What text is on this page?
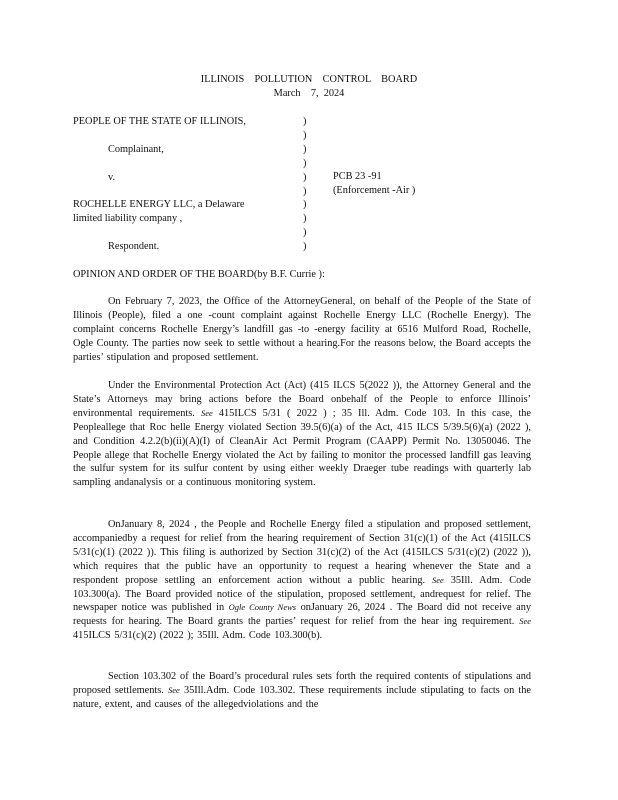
ILLINOIS    POLLUTION    CONTROL    BOARD
March    7,  2024
PEOPLE OF THE STATE OF ILLINOIS,

Complainant,

v.

ROCHELLE ENERGY LLC, a Delaware
limited liability company ,

Respondent.
)
)
)
)
)
)
)
)
)
)
PCB 23 -91
(Enforcement -Air )
OPINION AND ORDER OF THE BOARD(by B.F. Currie ):
On February 7, 2023, the Office of the AttorneyGeneral, on behalf of the People of the State of Illinois (People), filed a one -count complaint against Rochelle Energy LLC (Rochelle Energy). The complaint concerns Rochelle Energy’s landfill gas -to -energy facility at 6516 Mulford Road, Rochelle, Ogle County. The parties now seek to settle without a hearing.For the reasons below, the Board accepts the parties’ stipulation and proposed settlement.
Under the Environmental Protection Act (Act) (415 ILCS 5(2022 )), the Attorney General and the State’s Attorneys may bring actions before the Board onbehalf of the People to enforce Illinois’ environmental requirements. See 415ILCS 5/31 ( 2022 ) ; 35 Ill. Adm. Code 103. In this case, the Peopleallege that Roc helle Energy violated Section 39.5(6)(a) of the Act, 415 ILCS 5/39.5(6)(a) (2022 ), and Condition 4.2.2(b)(ii)(A)(I) of CleanAir Act Permit Program (CAAPP) Permit No. 13050046. The People allege that Rochelle Energy violated the Act by failing to monitor the processed landfill gas leaving the sulfur system for its sulfur content by using either weekly Draeger tube readings with quarterly lab sampling andanalysis or a continuous monitoring system.
OnJanuary 8, 2024 , the People and Rochelle Energy filed a stipulation and proposed settlement, accompaniedby a request for relief from the hearing requirement of Section 31(c)(1) of the Act (415ILCS 5/31(c)(1) (2022 )). This filing is authorized by Section 31(c)(2) of the Act (415ILCS 5/31(c)(2) (2022 )), which requires that the public have an opportunity to request a hearing whenever the State and a respondent propose settling an enforcement action without a public hearing. See 35Ill. Adm. Code 103.300(a). The Board provided notice of the stipulation, proposed settlement, andrequest for relief. The newspaper notice was published in Ogle County News onJanuary 26, 2024 . The Board did not receive any requests for hearing. The Board grants the parties’ request for relief from the hear ing requirement. See 415ILCS 5/31(c)(2) (2022 ); 35Ill. Adm. Code 103.300(b).
Section 103.302 of the Board’s procedural rules sets forth the required contents of stipulations and proposed settlements. See 35Ill.Adm. Code 103.302. These requirements include stipulating to facts on the nature, extent, and causes of the allegedviolations and the
